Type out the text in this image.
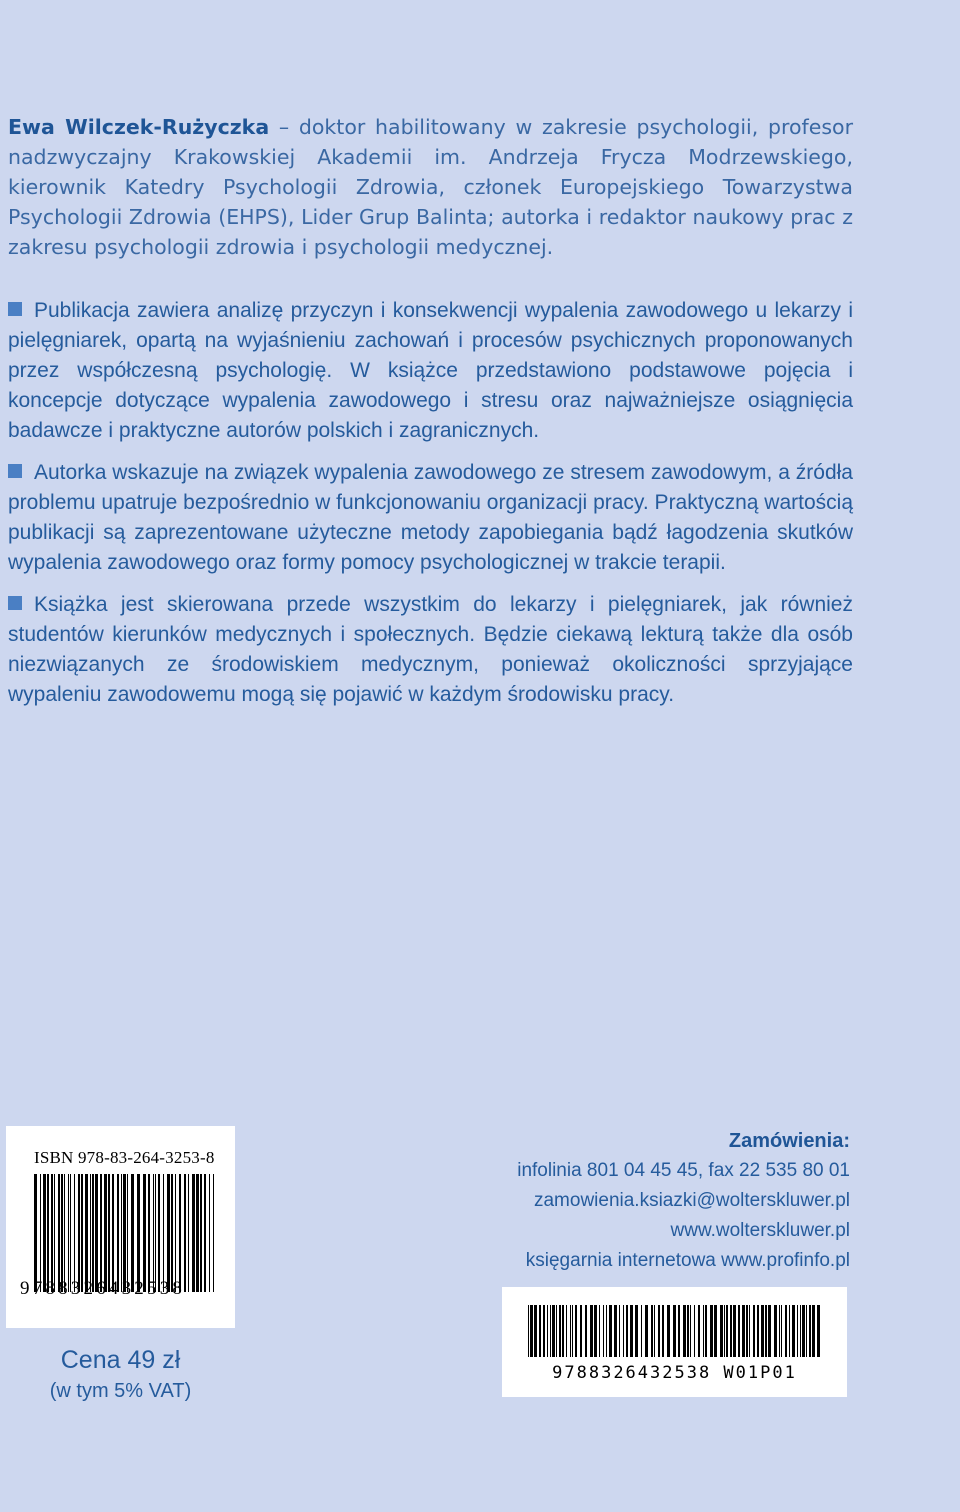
Ewa Wilczek-Rużyczka – doktor habilitowany w zakresie psychologii, profesor nadzwyczajny Krakowskiej Akademii im. Andrzeja Frycza Modrzewskiego, kierownik Katedry Psychologii Zdrowia, członek Europejskiego Towarzystwa Psychologii Zdrowia (EHPS), Lider Grup Balinta; autorka i redaktor naukowy prac z zakresu psychologii zdrowia i psychologii medycznej.

Publikacja zawiera analizę przyczyn i konsekwencji wypalenia zawodowego u lekarzy i pielęgniarek, opartą na wyjaśnieniu zachowań i procesów psychicznych proponowanych przez współczesną psychologię. W książce przedstawiono podstawowe pojęcia i koncepcje dotyczące wypalenia zawodowego i stresu oraz najważniejsze osiągnięcia badawcze i praktyczne autorów polskich i zagranicznych.

Autorka wskazuje na związek wypalenia zawodowego ze stresem zawodowym, a źródła problemu upatruje bezpośrednio w funkcjonowaniu organizacji pracy. Praktyczną wartością publikacji są zaprezentowane użyteczne metody zapobiegania bądź łagodzenia skutków wypalenia zawodowego oraz formy pomocy psychologicznej w trakcie terapii.

Książka jest skierowana przede wszystkim do lekarzy i pielęgniarek, jak również studentów kierunków medycznych i społecznych. Będzie ciekawą lekturą także dla osób niezwiązanych ze środowiskiem medycznym, ponieważ okoliczności sprzyjające wypaleniu zawodowemu mogą się pojawić w każdym środowisku pracy.

ISBN 978-83-264-3253-8
9788326432538
Cena 49 zł
(w tym 5% VAT)
Zamówienia:
infolinia 801 04 45 45, fax 22 535 80 01
zamowienia.ksiazki@wolterskluwer.pl
www.wolterskluwer.pl
księgarnia internetowa www.profinfo.pl
9788326432538 W01P01
